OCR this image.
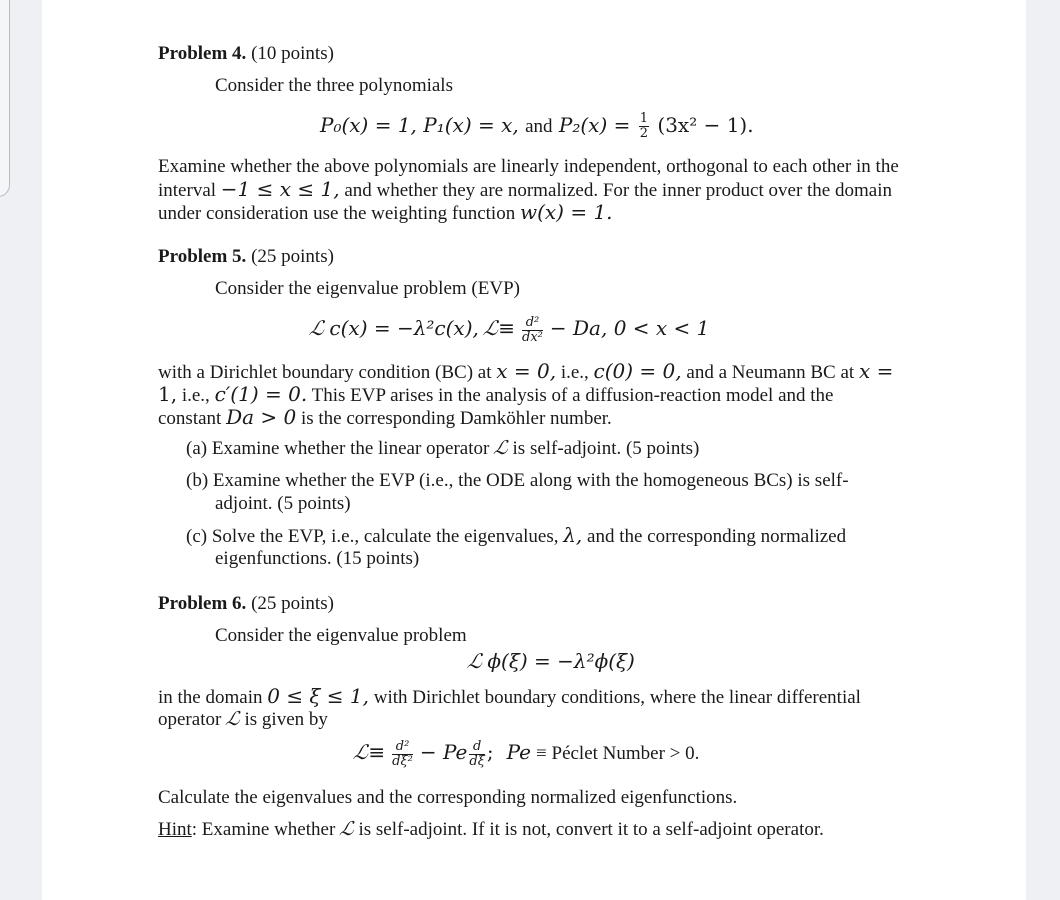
Problem 4. (10 points)
Consider the three polynomials
P₀(x) = 1, P₁(x) = x, and $P_2(x) = \frac{1}{2} (3x^2 - 1)$.
Examine whether the above polynomials are linearly independent, orthogonal to each other in the
interval −1 ≤ x ≤ 1, and whether they are normalized. For the inner product over the domain
under consideration use the weighting function w(x) = 1.
Problem 5. (25 points)
Consider the eigenvalue problem (EVP)
ℒ c(x) = −λ²c(x), ℒ≡ $\frac{\text{d²}}{\text{dx²}} - Da$, 0 < x < 1
with a Dirichlet boundary condition (BC) at x = 0, i.e., c(0) = 0, and a Neumann BC at x =
1, i.e., c′(1) = 0. This EVP arises in the analysis of a diffusion-reaction model and the
constant Da > 0 is the corresponding Damköhler number.
(a) Examine whether the linear operator ℒ is self-adjoint. (5 points)
(b) Examine whether the EVP (i.e., the ODE along with the homogeneous BCs) is self-
adjoint. (5 points)
(c) Solve the EVP, i.e., calculate the eigenvalues, λ, and the corresponding normalized
eigenfunctions. (15 points)
Problem 6. (25 points)
Consider the eigenvalue problem
ℒ ϕ(ξ) = −λ²ϕ(ξ)
in the domain 0 ≤ ξ ≤ 1, with Dirichlet boundary conditions, where the linear differential
operator ℒ is given by
ℒ≡ $\frac{\text{d²}}{\text{dξ²}} - Pe \frac{d}{d\xi}$ ; Pe ≡ Péclet Number > 0.
Calculate the eigenvalues and the corresponding normalized eigenfunctions.
Hint: Examine whether ℒ is self-adjoint. If it is not, convert it to a self-adjoint operator.
